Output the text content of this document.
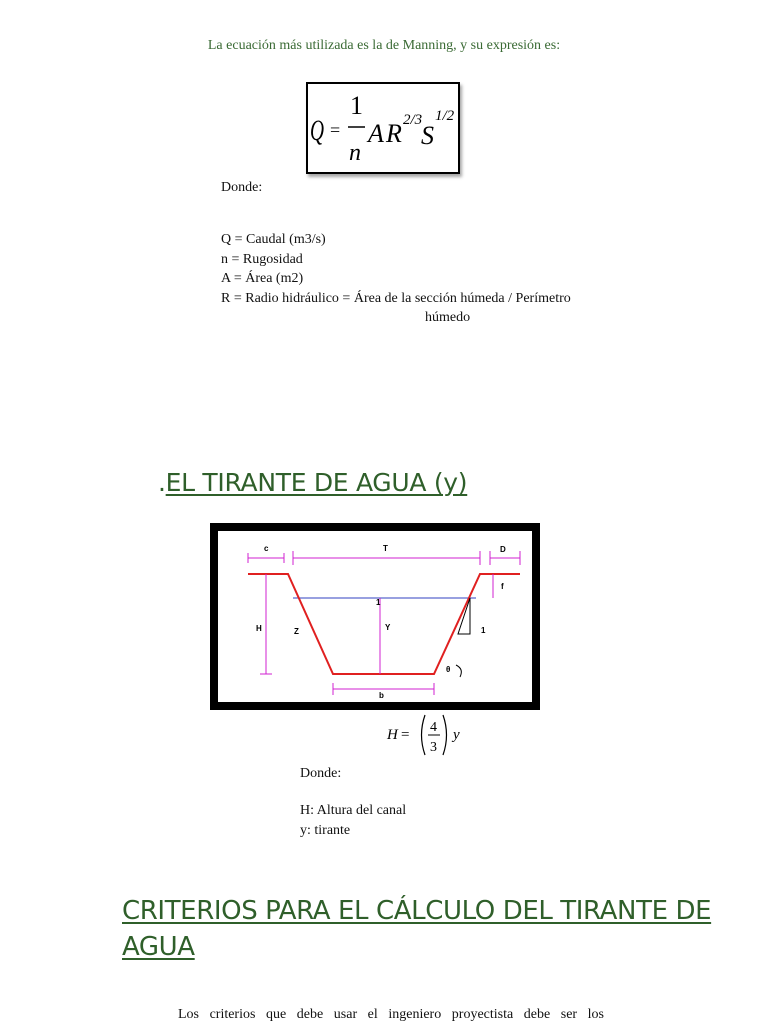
La ecuación más utilizada es la de Manning, y su expresión es:
Q =
1
n
A R 2/3
S
1/2
Donde:
Q = Caudal (m3/s)
n = Rugosidad
A = Área (m2)
R = Radio hidráulico = Área de la sección húmeda / Perímetro
húmedo
.EL TIRANTE DE AGUA (y)
c	T	D
f
H	Z	Y
1
1
θ
b
H = 4
3
y
Donde:
H: Altura del canal
y: tirante
CRITERIOS PARA EL CÁLCULO DEL TIRANTE DE AGUA
Los criterios que debe usar el ingeniero proyectista debe ser los
